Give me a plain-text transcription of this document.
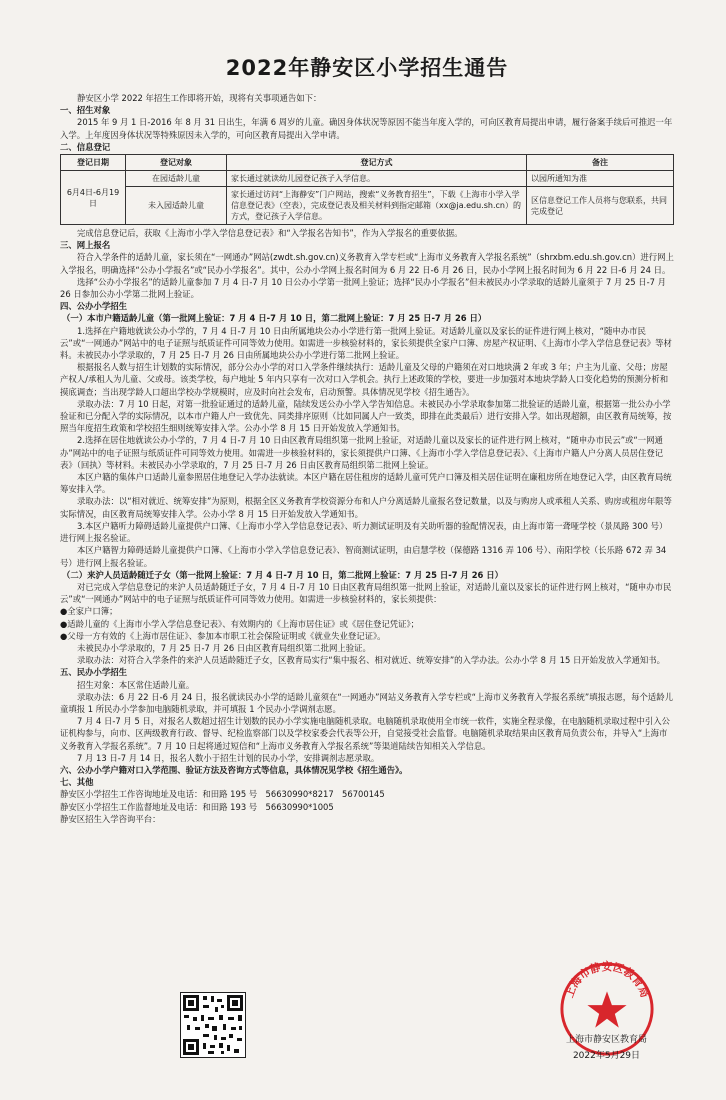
2022年静安区小学招生通告

静安区小学 2022 年招生工作即将开始，现将有关事项通告如下：

一、招生对象

2015 年 9 月 1 日-2016 年 8 月 31 日出生，年满 6 周岁的儿童。确因身体状况等原因不能当年度入学的，可向区教育局提出申请，履行备案手续后可推迟一年入学。上年度因身体状况等特殊原因未入学的，可向区教育局提出入学申请。

二、信息登记

登记日期	登记对象	登记方式	备注
6月4日-6月19日	在园适龄儿童	家长通过就读幼儿园登记孩子入学信息。	以园所通知为准
	未入园适龄儿童	家长通过访问“上海静安”门户网站，搜索“义务教育招生”，下载《上海市小学入学信息登记表》（空表），完成登记表及相关材料到指定邮箱（xx@ja.edu.sh.cn）的方式，登记孩子入学信息。	区信息登记工作人员将与您联系，共同完成登记

完成信息登记后，获取《上海市小学入学信息登记表》和“入学报名告知书”，作为入学报名的重要依据。

三、网上报名

符合入学条件的适龄儿童，家长须在“一网通办”网站(zwdt.sh.gov.cn)义务教育入学专栏或“上海市义务教育入学报名系统”（shrxbm.edu.sh.gov.cn）进行网上入学报名，明确选择“公办小学报名”或“民办小学报名”。其中，公办小学网上报名时间为 6 月 22 日-6 月 26 日，民办小学网上报名时间为 6 月 22 日-6 月 24 日。

选择“公办小学报名”的适龄儿童参加 7 月 4 日-7 月 10 日公办小学第一批网上验证；选择“民办小学报名”但未被民办小学录取的适龄儿童须于 7 月 25 日-7 月 26 日参加公办小学第二批网上验证。

四、公办小学招生

（一）本市户籍适龄儿童（第一批网上验证：7 月 4 日-7 月 10 日，第二批网上验证：7 月 25 日-7 月 26 日）

1.选择在户籍地就读公办小学的，7 月 4 日-7 月 10 日由所属地块公办小学进行第一批网上验证。对适龄儿童以及家长的证件进行网上核对，“随申办市民云”或“一网通办”网站中的电子证照与纸质证件可同等效力使用。如需进一步核验材料的，家长须提供全家户口簿、房屋产权证明、《上海市小学入学信息登记表》等材料。未被民办小学录取的，7 月 25 日-7 月 26 日由所属地块公办小学进行第二批网上验证。

根据报名人数与招生计划数的实际情况，部分公办小学的对口入学条件继续执行：适龄儿童及父母的户籍须在对口地块满 2 年或 3 年；户主为儿童、父母；房屋产权人/承租人为儿童、父或母。该类学校，每户地址 5 年内只享有一次对口入学机会。执行上述政策的学校，要进一步加强对本地块学龄人口变化趋势的预测分析和摸底调查；当出现学龄人口超出学校办学规模时，应及时向社会发布，启动预警。具体情况见学校《招生通告》。

录取办法：7 月 10 日起，对第一批验证通过的适龄儿童，陆续发送公办小学入学告知信息。未被民办小学录取参加第二批验证的适龄儿童，根据第一批公办小学验证和已分配入学的实际情况，以本市户籍人户一致优先、同类排序原则（比如同属人户一致类，即排在此类最后）进行安排入学。如出现超额，由区教育局统筹，按照当年度招生政策和学校招生细则统筹安排入学。公办小学 8 月 15 日开始发放入学通知书。

2.选择在居住地就读公办小学的，7 月 4 日-7 月 10 日由区教育局组织第一批网上验证，对适龄儿童以及家长的证件进行网上核对，“随申办市民云”或“一网通办”网站中的电子证照与纸质证件可同等效力使用。如需进一步核验材料的，家长须提供户口簿、《上海市小学入学信息登记表》、《上海市户籍人户分离人员居住登记表》（回执）等材料。未被民办小学录取的，7 月 25 日-7 月 26 日由区教育局组织第二批网上验证。

本区户籍的集体户口适龄儿童参照居住地登记入学办法就读。本区户籍在居住租房的适龄儿童可凭户口簿及相关居住证明在廉租房所在地登记入学，由区教育局统筹安排入学。

录取办法：以“相对就近、统筹安排”为原则，根据全区义务教育学校资源分布和人户分离适龄儿童报名登记数量，以及与购房人或承租人关系、购房或租房年限等实际情况，由区教育局统筹安排入学。公办小学 8 月 15 日开始发放入学通知书。

3.本区户籍听力障碍适龄儿童提供户口簿、《上海市小学入学信息登记表》、听力测试证明及有关助听器的验配情况表，由上海市第一聋哑学校（景凤路 300 号）进行网上报名验证。

本区户籍智力障碍适龄儿童提供户口簿、《上海市小学入学信息登记表》、智商测试证明，由启慧学校（保德路 1316 弄 106 号）、南阳学校（长乐路 672 弄 34 号）进行网上报名验证。

（二）来沪人员适龄随迁子女（第一批网上验证：7 月 4 日-7 月 10 日，第二批网上验证：7 月 25 日-7 月 26 日）

对已完成入学信息登记的来沪人员适龄随迁子女，7 月 4 日-7 月 10 日由区教育局组织第一批网上验证，对适龄儿童以及家长的证件进行网上核对，“随申办市民云”或“一网通办”网站中的电子证照与纸质证件可同等效力使用。如需进一步核验材料的，家长须提供：

●全家户口簿；

●适龄儿童的《上海市小学入学信息登记表》、有效期内的《上海市居住证》或《居住登记凭证》；

●父母一方有效的《上海市居住证》、参加本市职工社会保险证明或《就业失业登记证》。

未被民办小学录取的，7 月 25 日-7 月 26 日由区教育局组织第二批网上验证。

录取办法：对符合入学条件的来沪人员适龄随迁子女，区教育局实行“集中报名、相对就近、统筹安排”的入学办法。公办小学 8 月 15 日开始发放入学通知书。

五、民办小学招生

招生对象：本区常住适龄儿童。

录取办法：6 月 22 日-6 月 24 日，报名就读民办小学的适龄儿童须在“一网通办”网站义务教育入学专栏或“上海市义务教育入学报名系统”填报志愿，每个适龄儿童填报 1 所民办小学参加电脑随机录取，并可填报 1 个民办小学调剂志愿。

7 月 4 日-7 月 5 日，对报名人数超过招生计划数的民办小学实施电脑随机录取。电脑随机录取使用全市统一软件，实施全程录像，在电脑随机录取过程中引入公证机构参与，向市、区两级教育行政、督导、纪检监察部门以及学校家委会代表等公开，自觉接受社会监督。电脑随机录取结果由区教育局负责公布，并导入“上海市义务教育入学报名系统”。7 月 10 日起将通过短信和“上海市义务教育入学报名系统”等渠道陆续告知相关入学信息。

7 月 13 日-7 月 14 日，报名人数小于招生计划的民办小学，安排调剂志愿录取。

六、公办小学户籍对口入学范围、验证方法及咨询方式等信息，具体情况见学校《招生通告》。

七、其他

静安区小学招生工作咨询地址及电话：和田路 195 号　56630990*8217　56700145

静安区小学招生工作监督地址及电话：和田路 193 号　56630990*1005

静安区招生入学咨询平台：

上海市静安区教育局
上海市静安区教育局
2022年5月29日
